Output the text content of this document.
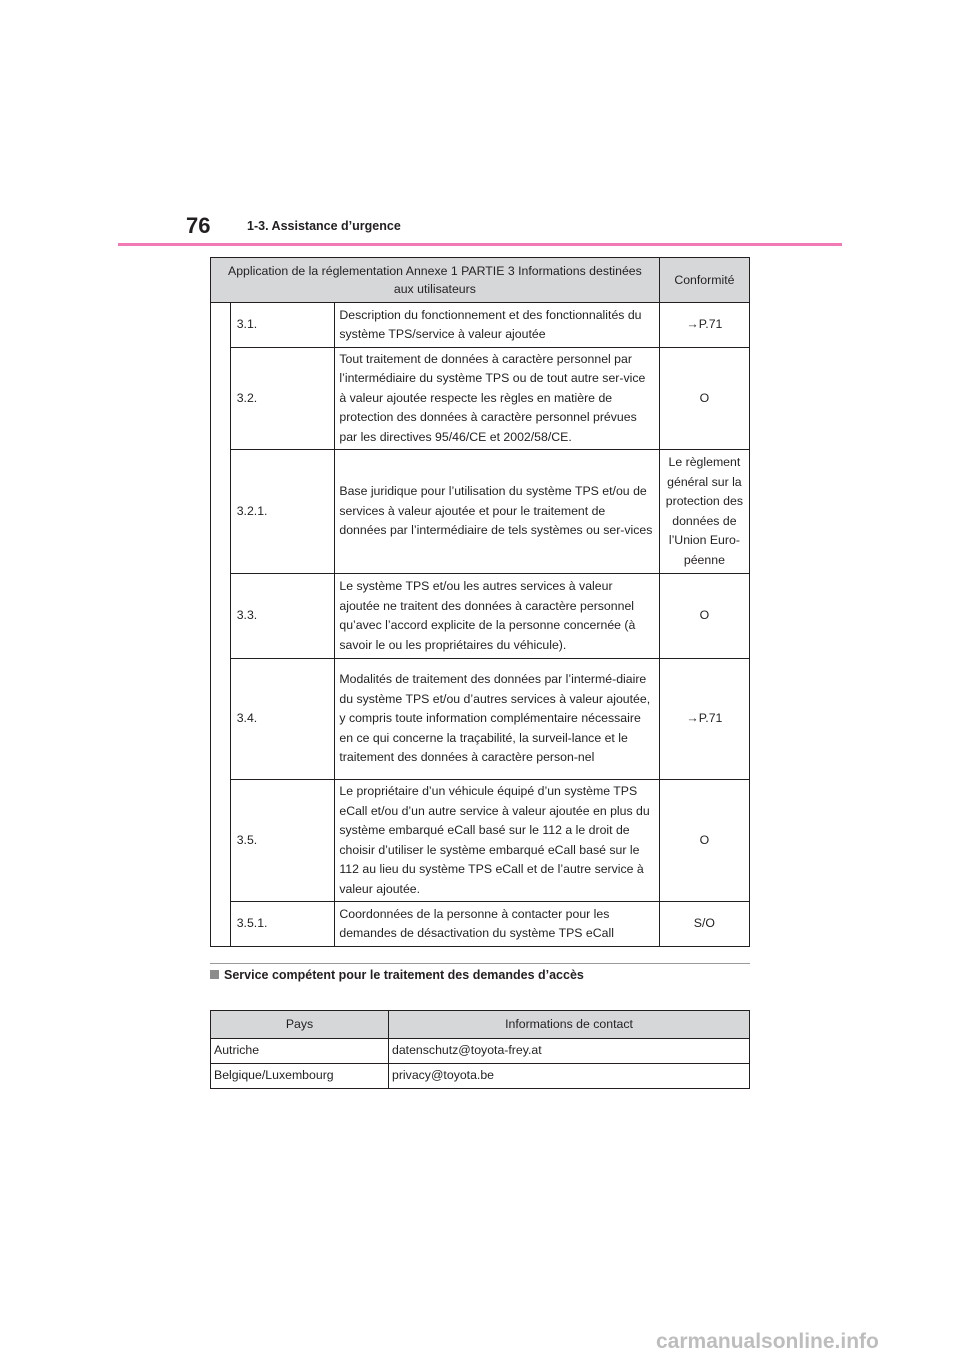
76	1-3. Assistance d’urgence
Application de la réglementation Annexe 1 PARTIE 3 Informations destinées aux utilisateurs			Conformité
	3.1.	Description du fonctionnement et des fonctionnalités du système TPS/service à valeur ajoutée	→P.71
	3.2.	Tout traitement de données à caractère personnel par l’intermédiaire du système TPS ou de tout autre ser-vice à valeur ajoutée respecte les règles en matière de protection des données à caractère personnel prévues par les directives 95/46/CE et 2002/58/CE.	O
	3.2.1.	Base juridique pour l’utilisation du système TPS et/ou de services à valeur ajoutée et pour le traitement de données par l’intermédiaire de tels systèmes ou ser-vices	Le règlement général sur la protection des données de l’Union Euro-péenne
	3.3.	Le système TPS et/ou les autres services à valeur ajoutée ne traitent des données à caractère personnel qu’avec l’accord explicite de la personne concernée (à savoir le ou les propriétaires du véhicule).	O
	3.4.	Modalités de traitement des données par l’intermé-diaire du système TPS et/ou d’autres services à valeur ajoutée, y compris toute information complémentaire nécessaire en ce qui concerne la traçabilité, la surveil-lance et le traitement des données à caractère person-nel	→P.71
	3.5.	Le propriétaire d’un véhicule équipé d’un système TPS eCall et/ou d’un autre service à valeur ajoutée en plus du système embarqué eCall basé sur le 112 a le droit de choisir d’utiliser le système embarqué eCall basé sur le 112 au lieu du système TPS eCall et de l’autre service à valeur ajoutée.	O
	3.5.1.	Coordonnées de la personne à contacter pour les demandes de désactivation du système TPS eCall	S/O
Service compétent pour le traitement des demandes d’accès
Pays	Informations de contact
Autriche	datenschutz@toyota-frey.at
Belgique/Luxembourg	privacy@toyota.be
carmanualsonline.info
